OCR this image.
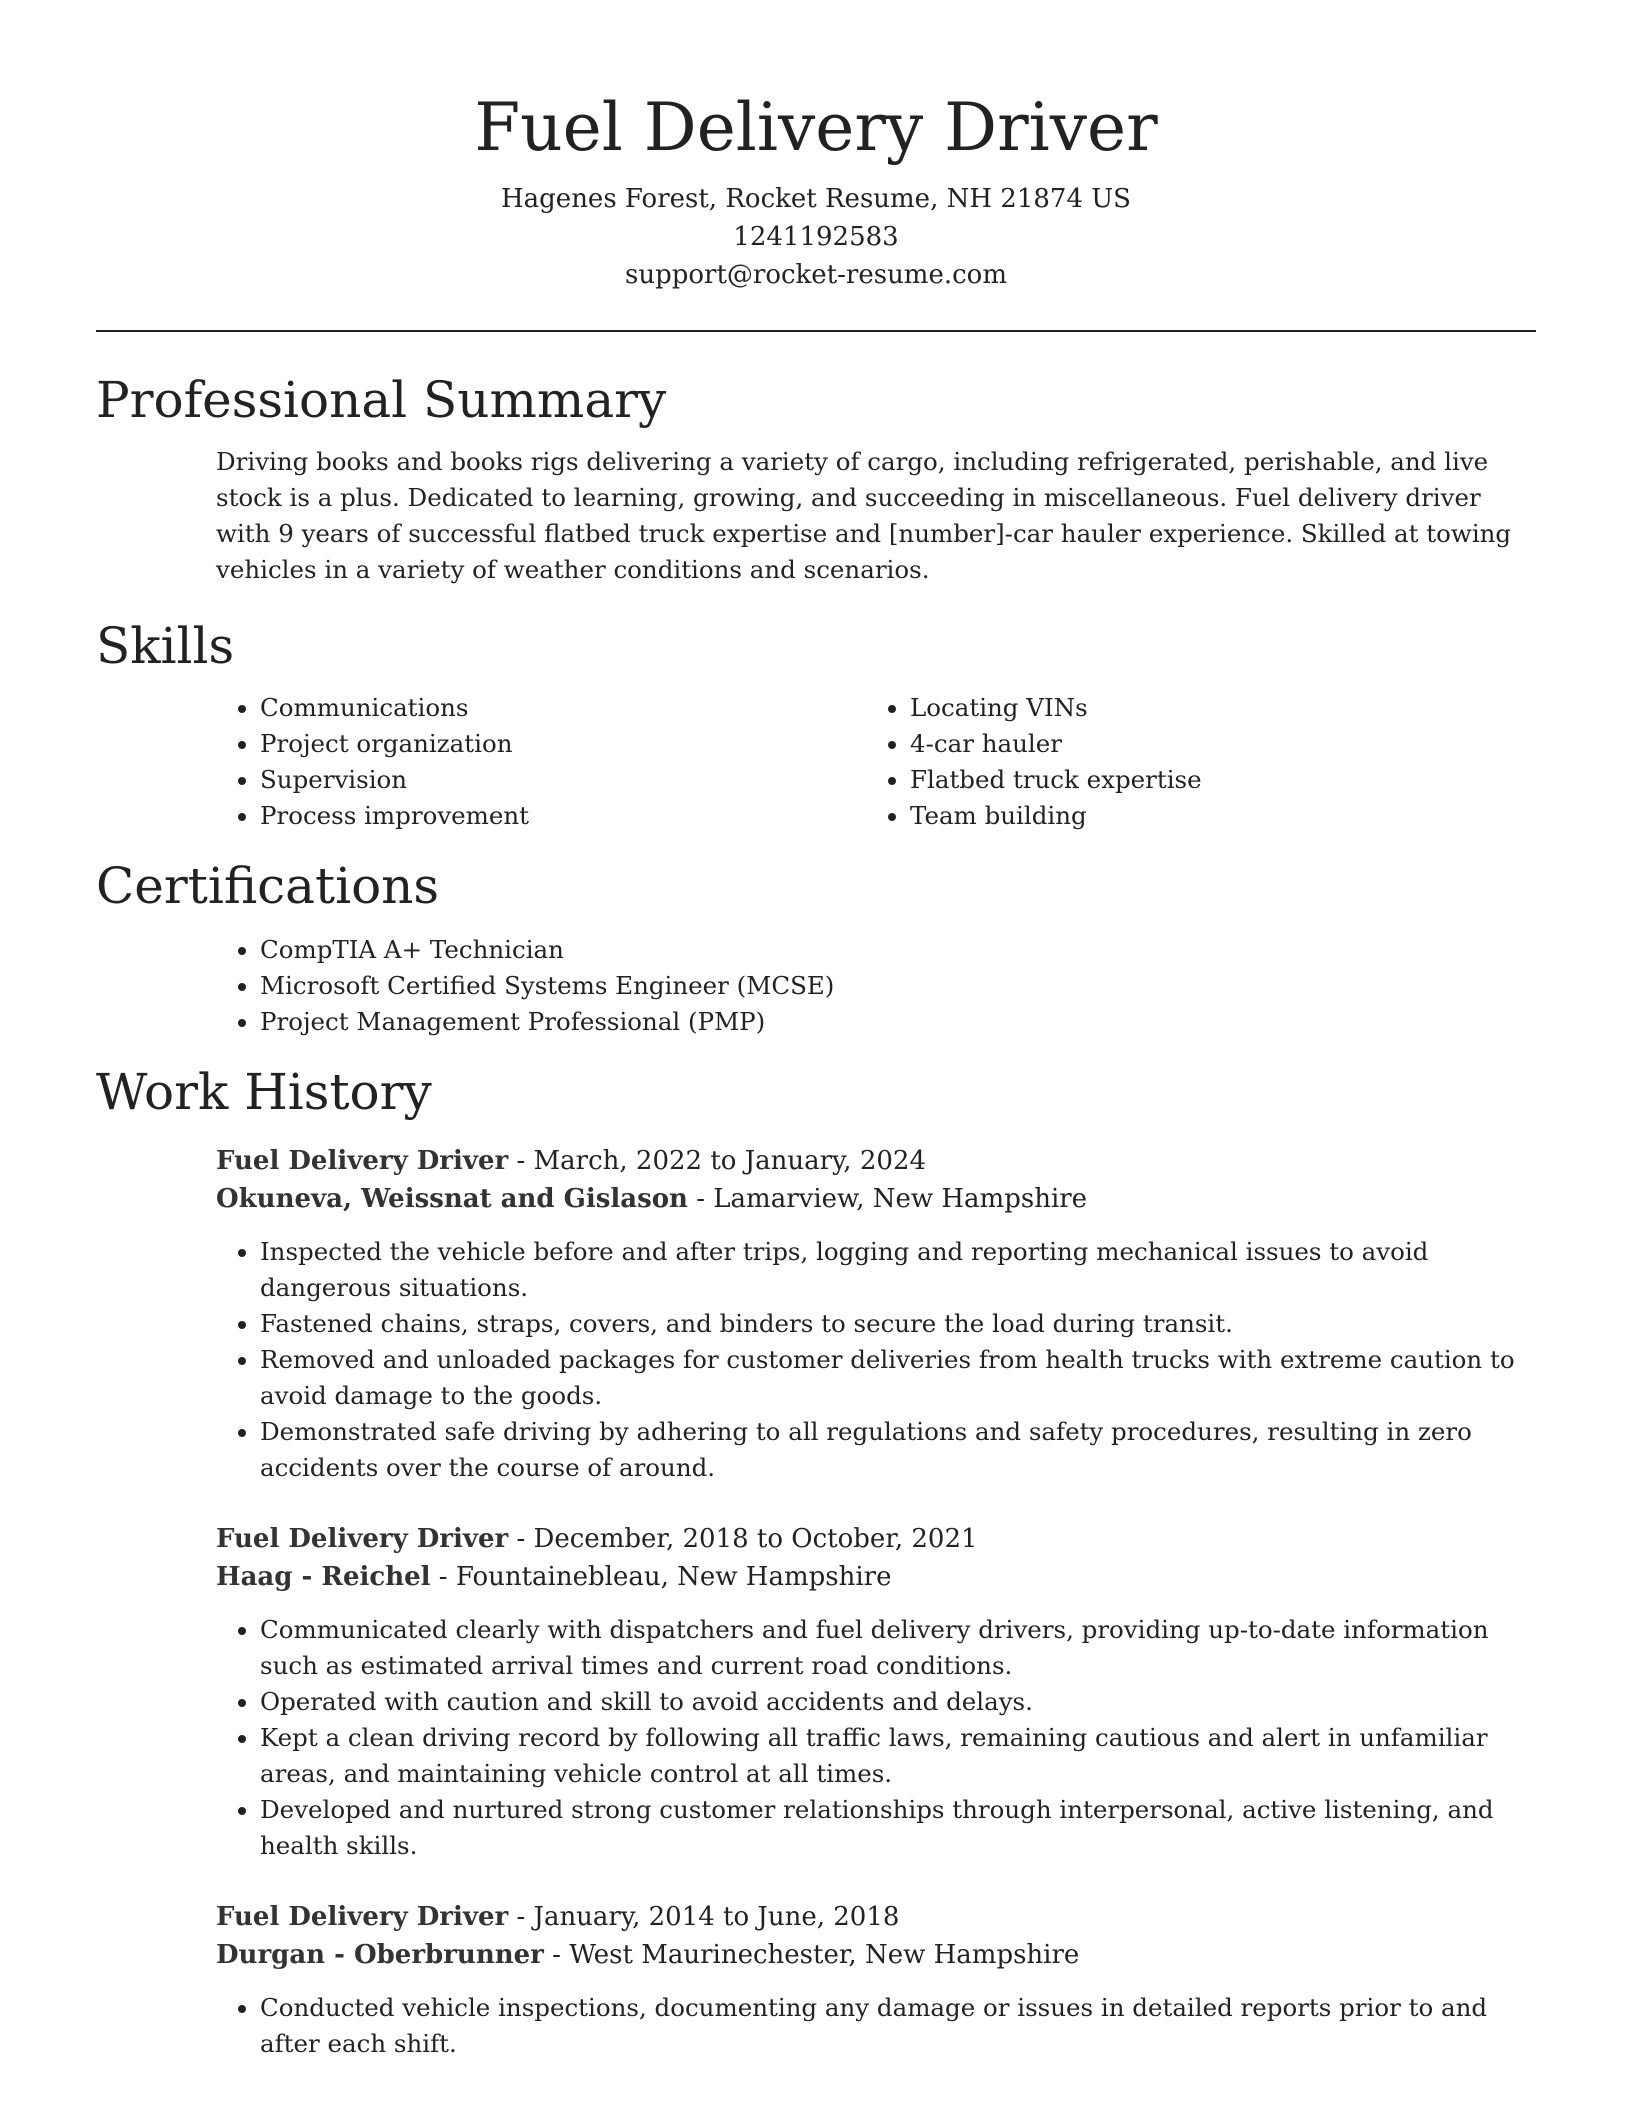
Fuel Delivery Driver
Hagenes Forest, Rocket Resume, NH 21874 US
1241192583
support@rocket-resume.com
Professional Summary
Driving books and books rigs delivering a variety of cargo, including refrigerated, perishable, and live stock is a plus. Dedicated to learning, growing, and succeeding in miscellaneous. Fuel delivery driver with 9 years of successful flatbed truck expertise and [number]-car hauler experience. Skilled at towing vehicles in a variety of weather conditions and scenarios.
Skills
• Communications
• Project organization
• Supervision
• Process improvement
• Locating VINs
• 4-car hauler
• Flatbed truck expertise
• Team building
Certifications
• CompTIA A+ Technician
• Microsoft Certified Systems Engineer (MCSE)
• Project Management Professional (PMP)
Work History
Fuel Delivery Driver - March, 2022 to January, 2024
Okuneva, Weissnat and Gislason - Lamarview, New Hampshire
• Inspected the vehicle before and after trips, logging and reporting mechanical issues to avoid dangerous situations.
• Fastened chains, straps, covers, and binders to secure the load during transit.
• Removed and unloaded packages for customer deliveries from health trucks with extreme caution to avoid damage to the goods.
• Demonstrated safe driving by adhering to all regulations and safety procedures, resulting in zero accidents over the course of around.
Fuel Delivery Driver - December, 2018 to October, 2021
Haag - Reichel - Fountainebleau, New Hampshire
• Communicated clearly with dispatchers and fuel delivery drivers, providing up-to-date information such as estimated arrival times and current road conditions.
• Operated with caution and skill to avoid accidents and delays.
• Kept a clean driving record by following all traffic laws, remaining cautious and alert in unfamiliar areas, and maintaining vehicle control at all times.
• Developed and nurtured strong customer relationships through interpersonal, active listening, and health skills.
Fuel Delivery Driver - January, 2014 to June, 2018
Durgan - Oberbrunner - West Maurinechester, New Hampshire
• Conducted vehicle inspections, documenting any damage or issues in detailed reports prior to and after each shift.
